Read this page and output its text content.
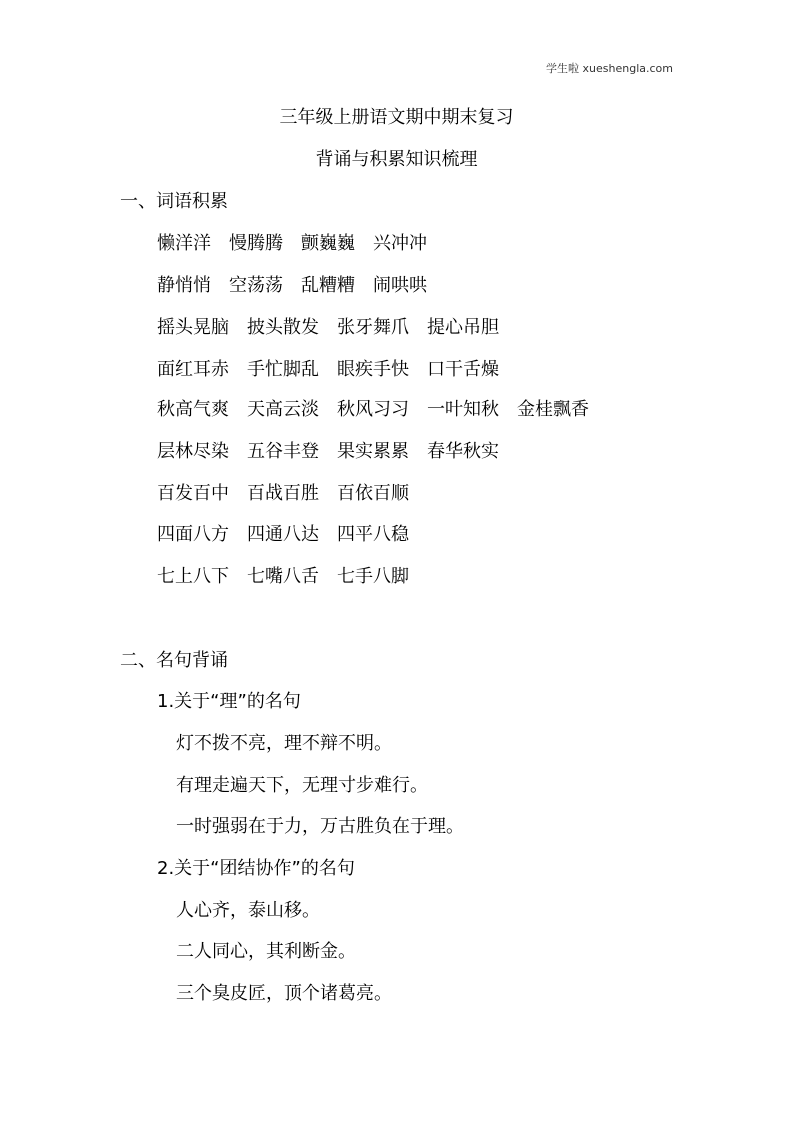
学生啦 xueshengla.com
三年级上册语文期中期末复习
背诵与积累知识梳理
一、词语积累
懒洋洋 慢腾腾 颤巍巍 兴冲冲
静悄悄 空荡荡 乱糟糟 闹哄哄
摇头晃脑 披头散发 张牙舞爪 提心吊胆
面红耳赤 手忙脚乱 眼疾手快 口干舌燥
秋高气爽 天高云淡 秋风习习 一叶知秋 金桂飘香
层林尽染 五谷丰登 果实累累 春华秋实
百发百中 百战百胜 百依百顺
四面八方 四通八达 四平八稳
七上八下 七嘴八舌 七手八脚
二、名句背诵
1.关于“理”的名句
灯不拨不亮，理不辩不明。
有理走遍天下，无理寸步难行。
一时强弱在于力，万古胜负在于理。
2.关于“团结协作”的名句
人心齐，泰山移。
二人同心，其利断金。
三个臭皮匠，顶个诸葛亮。
